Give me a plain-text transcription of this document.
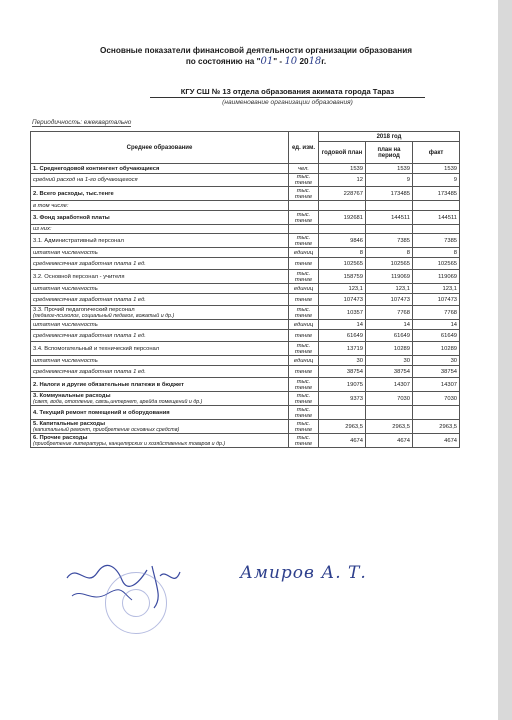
Основные показатели финансовой деятельности организации образования
по состоянию на "01" - 10 2018г.
КГУ СШ № 13 отдела образования акимата города Тараз
(наименование организации образования)
Периодичность: ежеквартально
Среднее образование	ед. изм.	2018 год		
		годовой план	план на период	факт
1. Среднегодовой контингент обучающиеся	чел.	1539	1539	1539
средний расход на 1-го обучающегося	тыс. тенге	12	9	9
2. Всего расходы, тыс.тенге	тыс. тенге	228767	173485	173485
в том числе:				
3. Фонд заработной платы	тыс. тенге	192681	144511	144511
из них:				
3.1. Административный персонал	тыс. тенге	9846	7385	7385
штатная численность	единиц	8	8	8
среднемесячная заработная плата 1 ед.	тенге	102565	102565	102565
3.2. Основной персонал - учителя	тыс. тенге	158759	119069	119069
штатная численность	единиц	123,1	123,1	123,1
среднемесячная заработная плата 1 ед.	тенге	107473	107473	107473
3.3. Прочий педагогический персонал
(педагог-психолог, социальный педагог, вожатый и др.)	тыс. тенге	10357	7768	7768
штатная численность	единиц	14	14	14
среднемесячная заработная плата 1 ед.	тенге	61649	61649	61649
3.4. Вспомогательный и технический персонал	тыс. тенге	13719	10289	10289
штатная численность	единиц	30	30	30
среднемесячная заработная плата 1 ед.	тенге	38754	38754	38754
2. Налоги и другие обязательные платежи в бюджет	тыс. тенге	19075	14307	14307
3. Коммунальные расходы
(свет, вода, отопление, связь,интернет, арейда помещений и др.)	тыс. тенге	9373	7030	7030
4. Текущий ремонт помещений и оборудования	тыс. тенге			
5. Капитальные расходы
(капитальный ремонт, приобретение основных средств)	тыс. тенге	2963,5	2963,5	2963,5
6. Прочие расходы
(приобретение литературы, канцелярских и хозяйственных товаров и др.)	тыс. тенге	4674	4674	4674
Амиров А. Т.
